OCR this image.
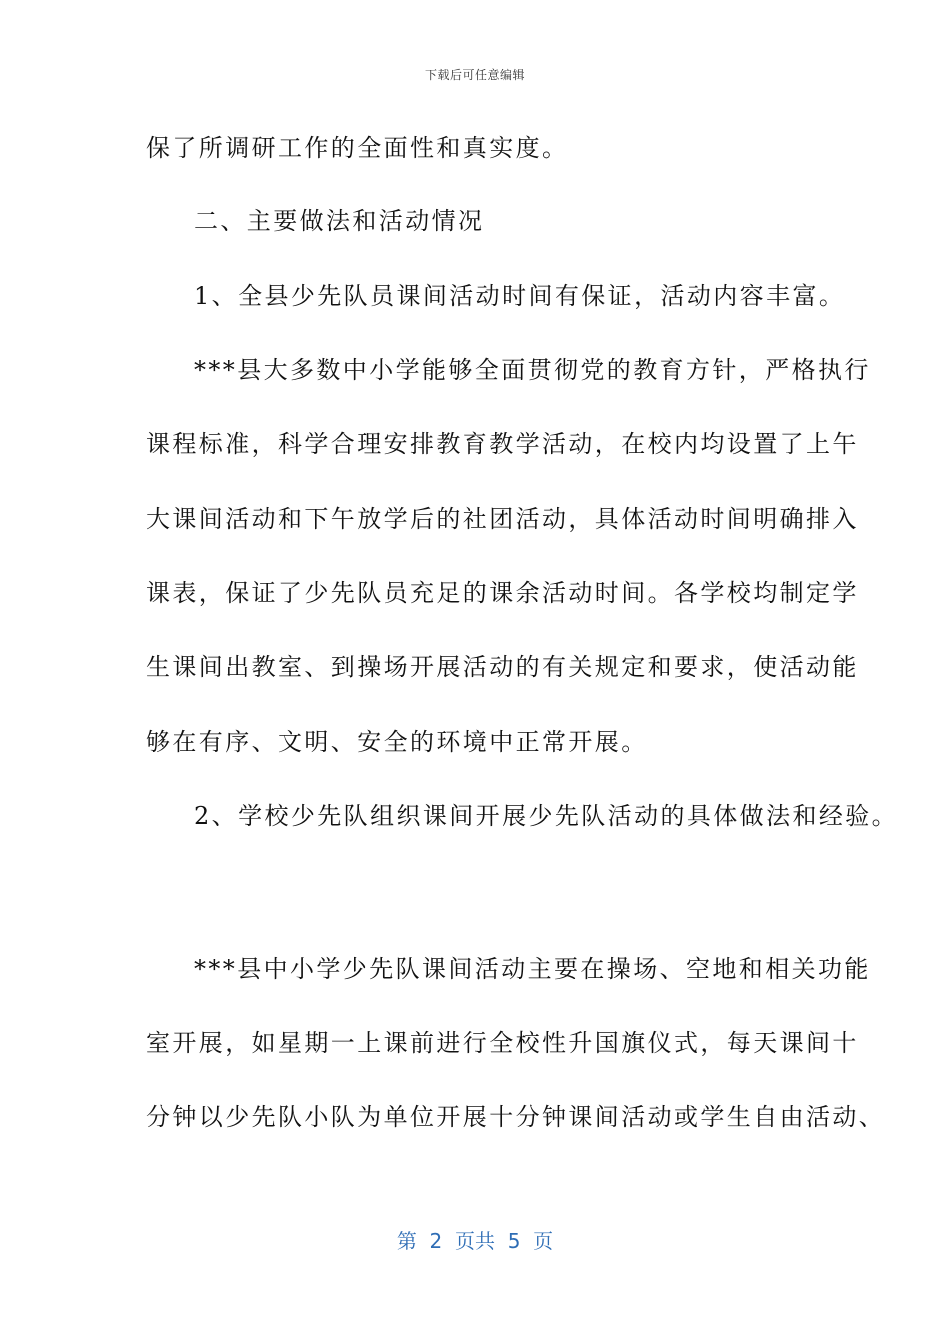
下载后可任意编辑
保了所调研工作的全面性和真实度。
二、主要做法和活动情况
1、全县少先队员课间活动时间有保证，活动内容丰富。
***县大多数中小学能够全面贯彻党的教育方针，严格执行
课程标准，科学合理安排教育教学活动，在校内均设置了上午
大课间活动和下午放学后的社团活动，具体活动时间明确排入
课表，保证了少先队员充足的课余活动时间。各学校均制定学
生课间出教室、到操场开展活动的有关规定和要求，使活动能
够在有序、文明、安全的环境中正常开展。
2、学校少先队组织课间开展少先队活动的具体做法和经验。
***县中小学少先队课间活动主要在操场、空地和相关功能
室开展，如星期一上课前进行全校性升国旗仪式，每天课间十
分钟以少先队小队为单位开展十分钟课间活动或学生自由活动、
第  2  页共  5  页
